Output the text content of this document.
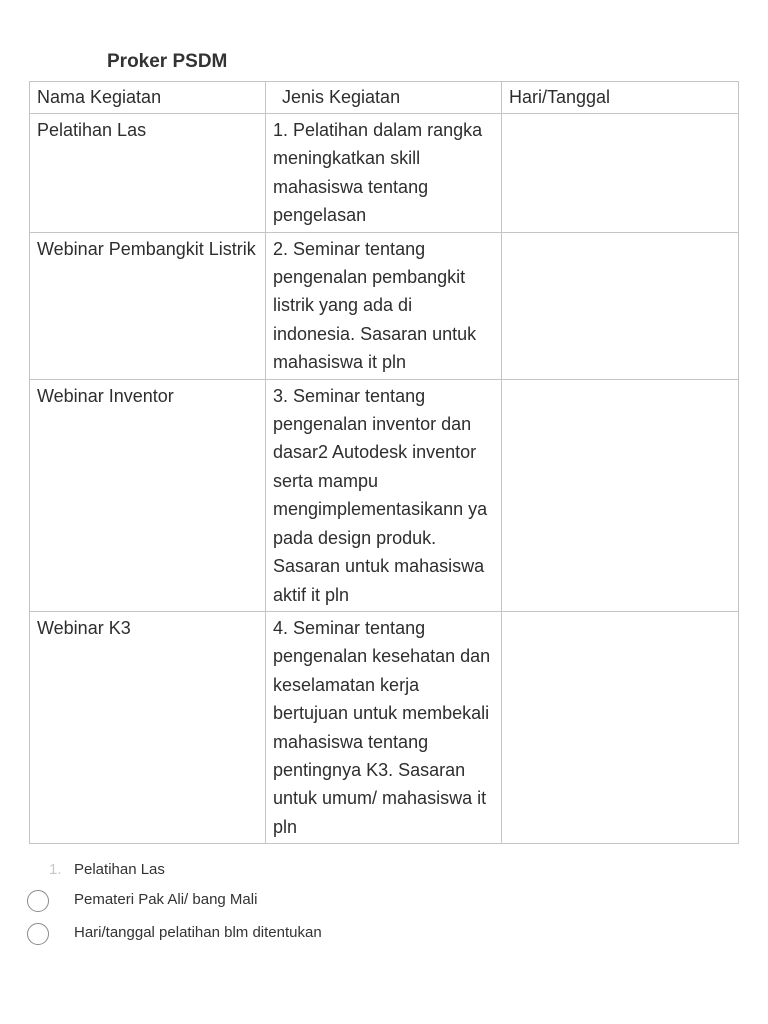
Proker PSDM
Nama Kegiatan	Jenis Kegiatan	Hari/Tanggal
Pelatihan Las	1. Pelatihan dalam rangka meningkatkan skill mahasiswa tentang pengelasan	
Webinar Pembangkit Listrik	2. Seminar tentang pengenalan pembangkit listrik yang ada di indonesia. Sasaran untuk mahasiswa it pln	
Webinar Inventor	3. Seminar tentang pengenalan inventor dan dasar2 Autodesk inventor serta mampu mengimplementasikann ya pada design produk. Sasaran untuk mahasiswa aktif it pln	
Webinar K3	4. Seminar tentang pengenalan kesehatan dan keselamatan kerja bertujuan untuk membekali mahasiswa tentang pentingnya K3. Sasaran untuk umum/ mahasiswa it pln	
1. Pelatihan Las
Pemateri Pak Ali/ bang Mali
Hari/tanggal pelatihan blm ditentukan
